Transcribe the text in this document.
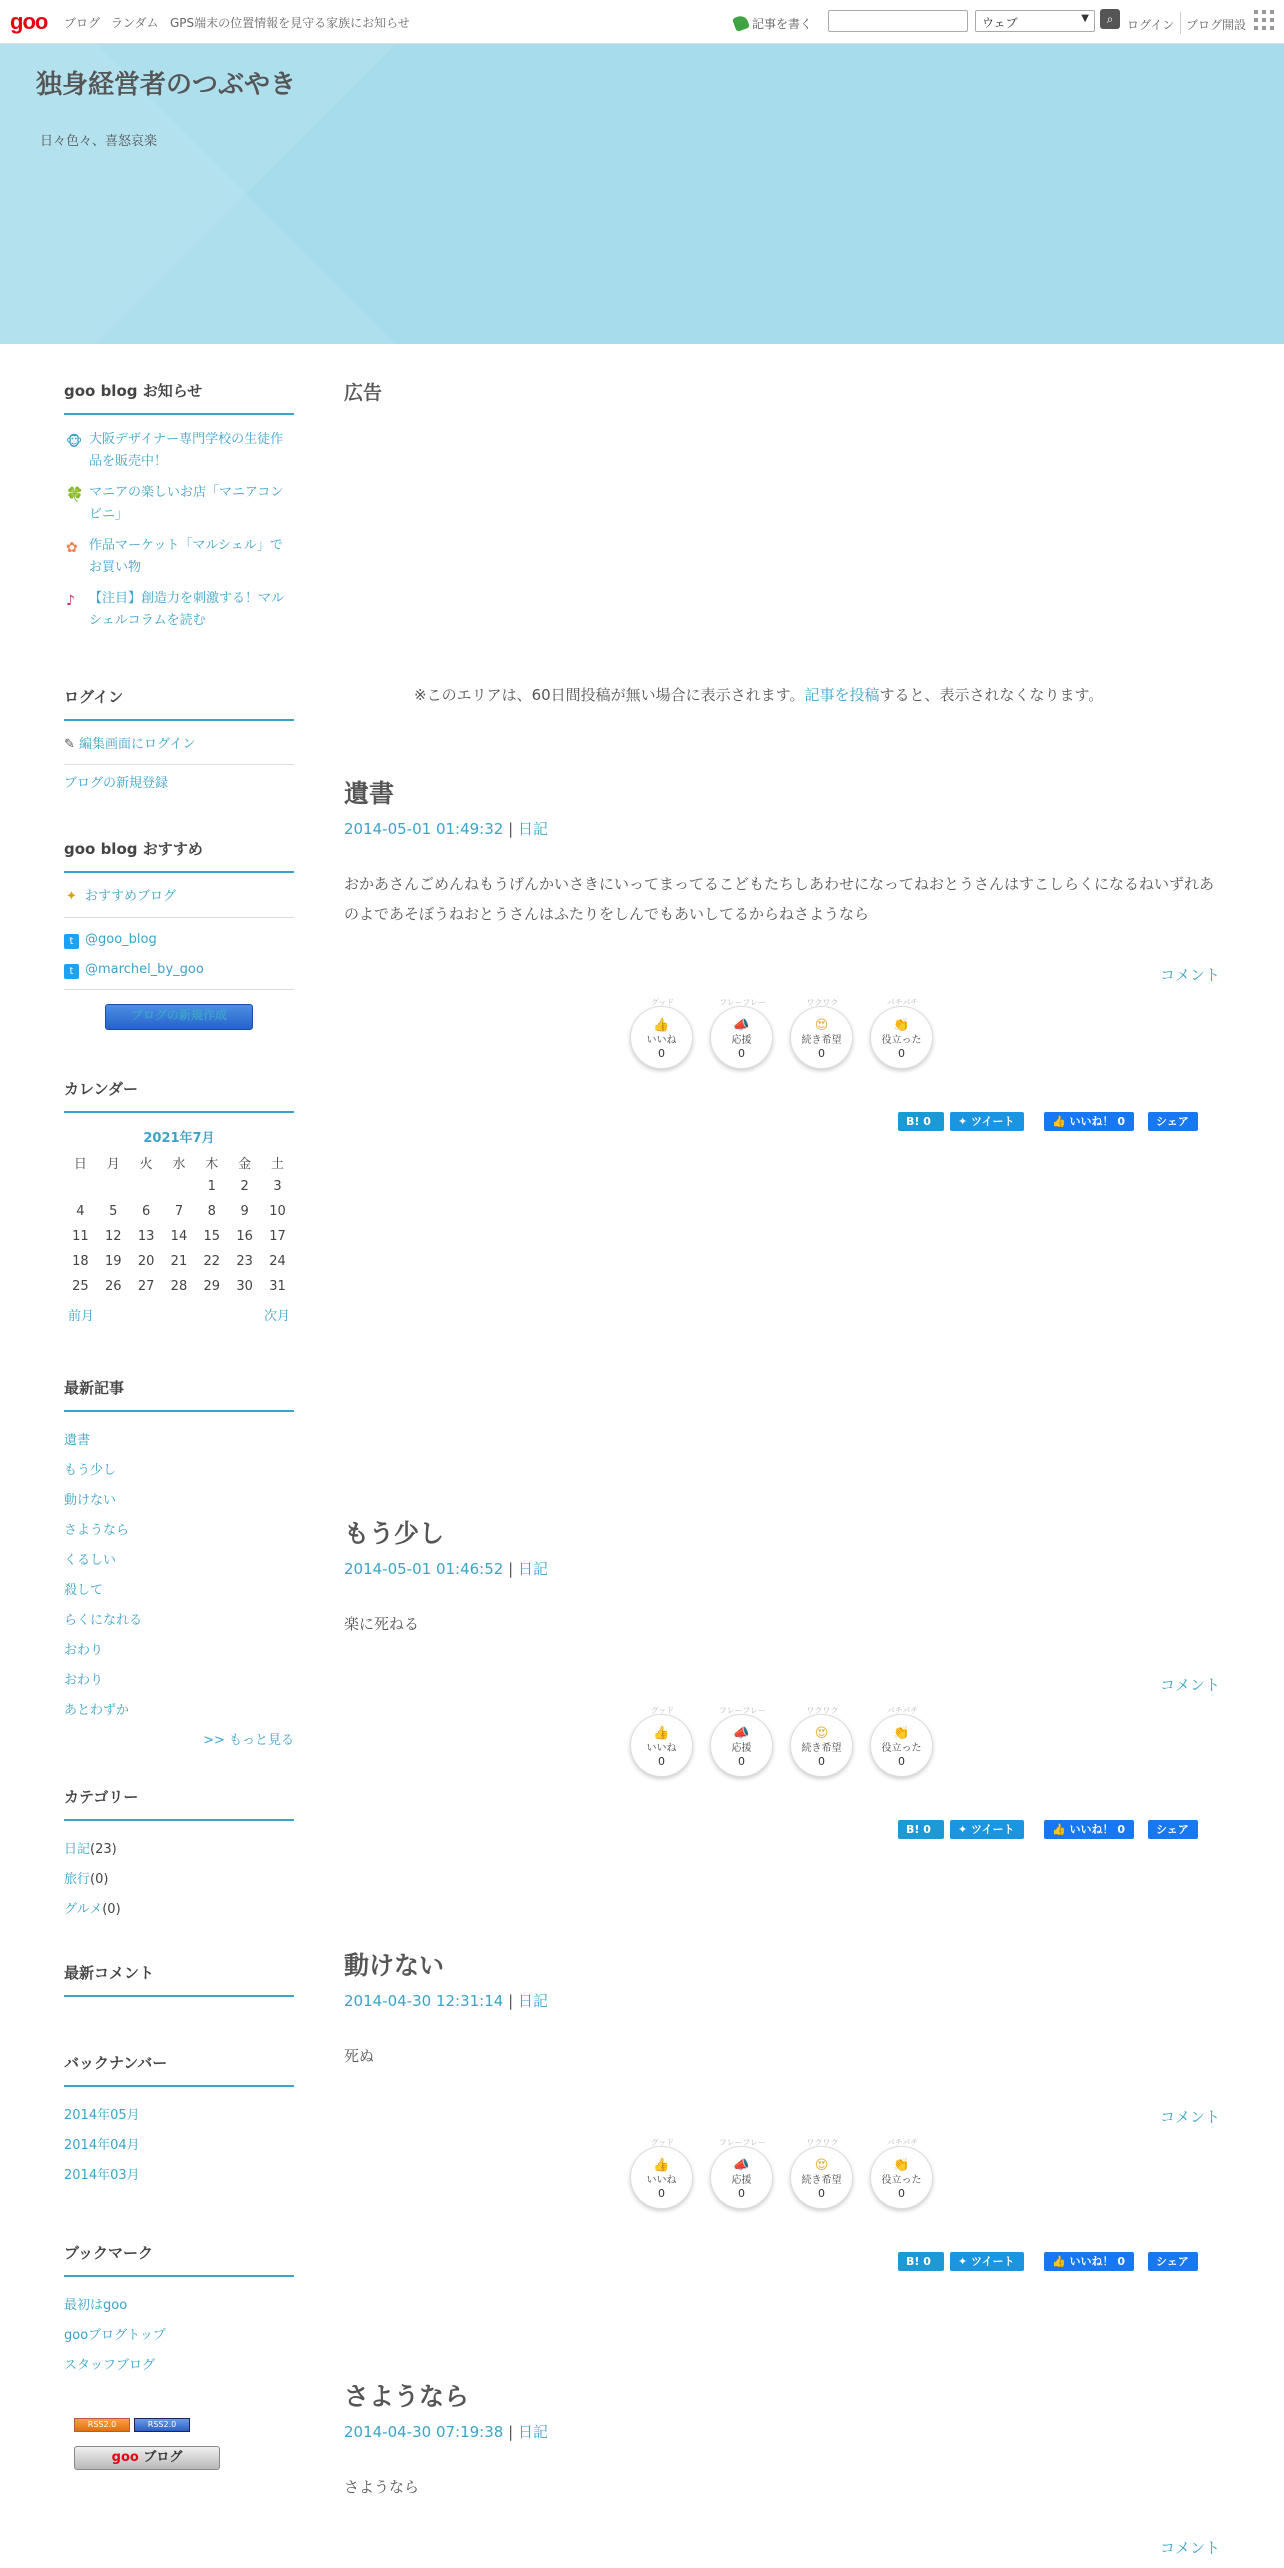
goo ブログ ランダム GPS端末の位置情報を見守る家族にお知らせ	記事を書く	ウェブ	▼	⌕	ログイン ブログ開設
独身経営者のつぶやき
日々色々、喜怒哀楽
goo blog お知らせ
🐵 大阪デザイナー専門学校の生徒作品を販売中！
🍀 マニアの楽しいお店「マニアコンビニ」
✿ 作品マーケット「マルシェル」でお買い物
♪ 【注目】創造力を刺激する！マルシェルコラムを読む
ログイン
✎ 編集画面にログイン
ブログの新規登録
goo blog おすすめ
✦ おすすめブログ
t @goo_blog
t @marchel_by_goo
ブログの新規作成
カレンダー
2021年7月
日	月	火	水	木	金	土
				1	2	3
4	5	6	7	8	9	10
11	12	13	14	15	16	17
18	19	20	21	22	23	24
25	26	27	28	29	30	31
前月	次月
最新記事
遺書
もう少し
動けない
さようなら
くるしい
殺して
らくになれる
おわり
おわり
あとわずか
>> もっと見る
カテゴリー
日記(23)
旅行(0)
グルメ(0)
最新コメント
バックナンバー
2014年05月
2014年04月
2014年03月
ブックマーク
最初はgoo
gooブログトップ
スタッフブログ
RSS2.0	RSS2.0
goo ブログ
広告
※このエリアは、60日間投稿が無い場合に表示されます。記事を投稿すると、表示されなくなります。
遺書
2014-05-01 01:49:32 | 日記
おかあさんごめんねもうげんかいさきにいってまってるこどもたちしあわせになってねおとうさんはすこしらくになるねいずれあのよであそぼうねおとうさんはふたりをしんでもあいしてるからねさようなら
コメント
グッド
👍
いいね
0
フレーフレー
📣
応援
0
ワクワク
😍
続き希望
0
パチパチ
👏
役立った
0
B! 0	✦ ツイート	👍 いいね！ 0	シェア
もう少し
2014-05-01 01:46:52 | 日記
楽に死ねる
コメント
グッド
👍
いいね
0
フレーフレー
📣
応援
0
ワクワク
😍
続き希望
0
パチパチ
👏
役立った
0
B! 0	✦ ツイート	👍 いいね！ 0	シェア
動けない
2014-04-30 12:31:14 | 日記
死ぬ
コメント
グッド
👍
いいね
0
フレーフレー
📣
応援
0
ワクワク
😍
続き希望
0
パチパチ
👏
役立った
0
B! 0	✦ ツイート	👍 いいね！ 0	シェア
さようなら
2014-04-30 07:19:38 | 日記
さようなら
コメント
